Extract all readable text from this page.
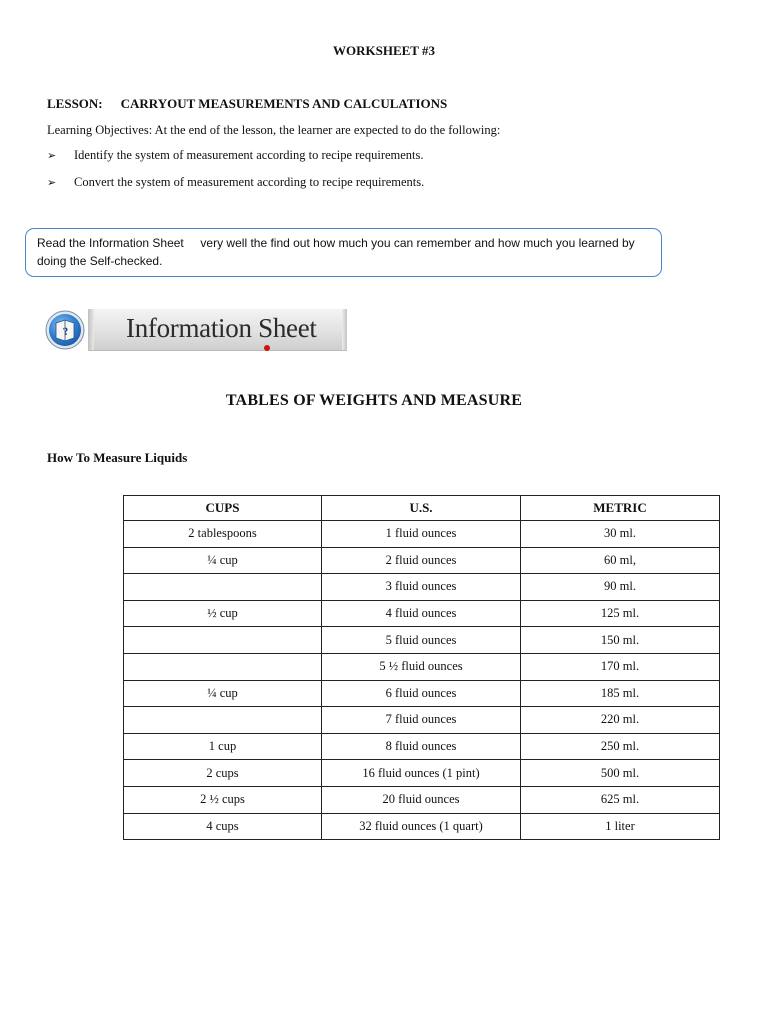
WORKSHEET #3
LESSON: CARRYOUT MEASUREMENTS AND CALCULATIONS
Learning Objectives: At the end of the lesson, the learner are expected to do the following:
➢	Identify the system of measurement according to recipe requirements.
➢	Convert the system of measurement according to recipe requirements.
Read the Information Sheet     very well the find out how much you can remember and how much you learned by doing the Self-checked.
? Information Sheet
TABLES OF WEIGHTS AND MEASURE
How To Measure Liquids
CUPS	U.S.	METRIC
2 tablespoons	1 fluid ounces	30 ml.
¼ cup	2 fluid ounces	60 ml,
	3 fluid ounces	90 ml.
½ cup	4 fluid ounces	125 ml.
	5 fluid ounces	150 ml.
	5 ½ fluid ounces	170 ml.
¼ cup	6 fluid ounces	185 ml.
	7 fluid ounces	220 ml.
1 cup	8 fluid ounces	250 ml.
2 cups	16 fluid ounces (1 pint)	500 ml.
2 ½ cups	20 fluid ounces	625 ml.
4 cups	32 fluid ounces (1 quart)	1 liter
